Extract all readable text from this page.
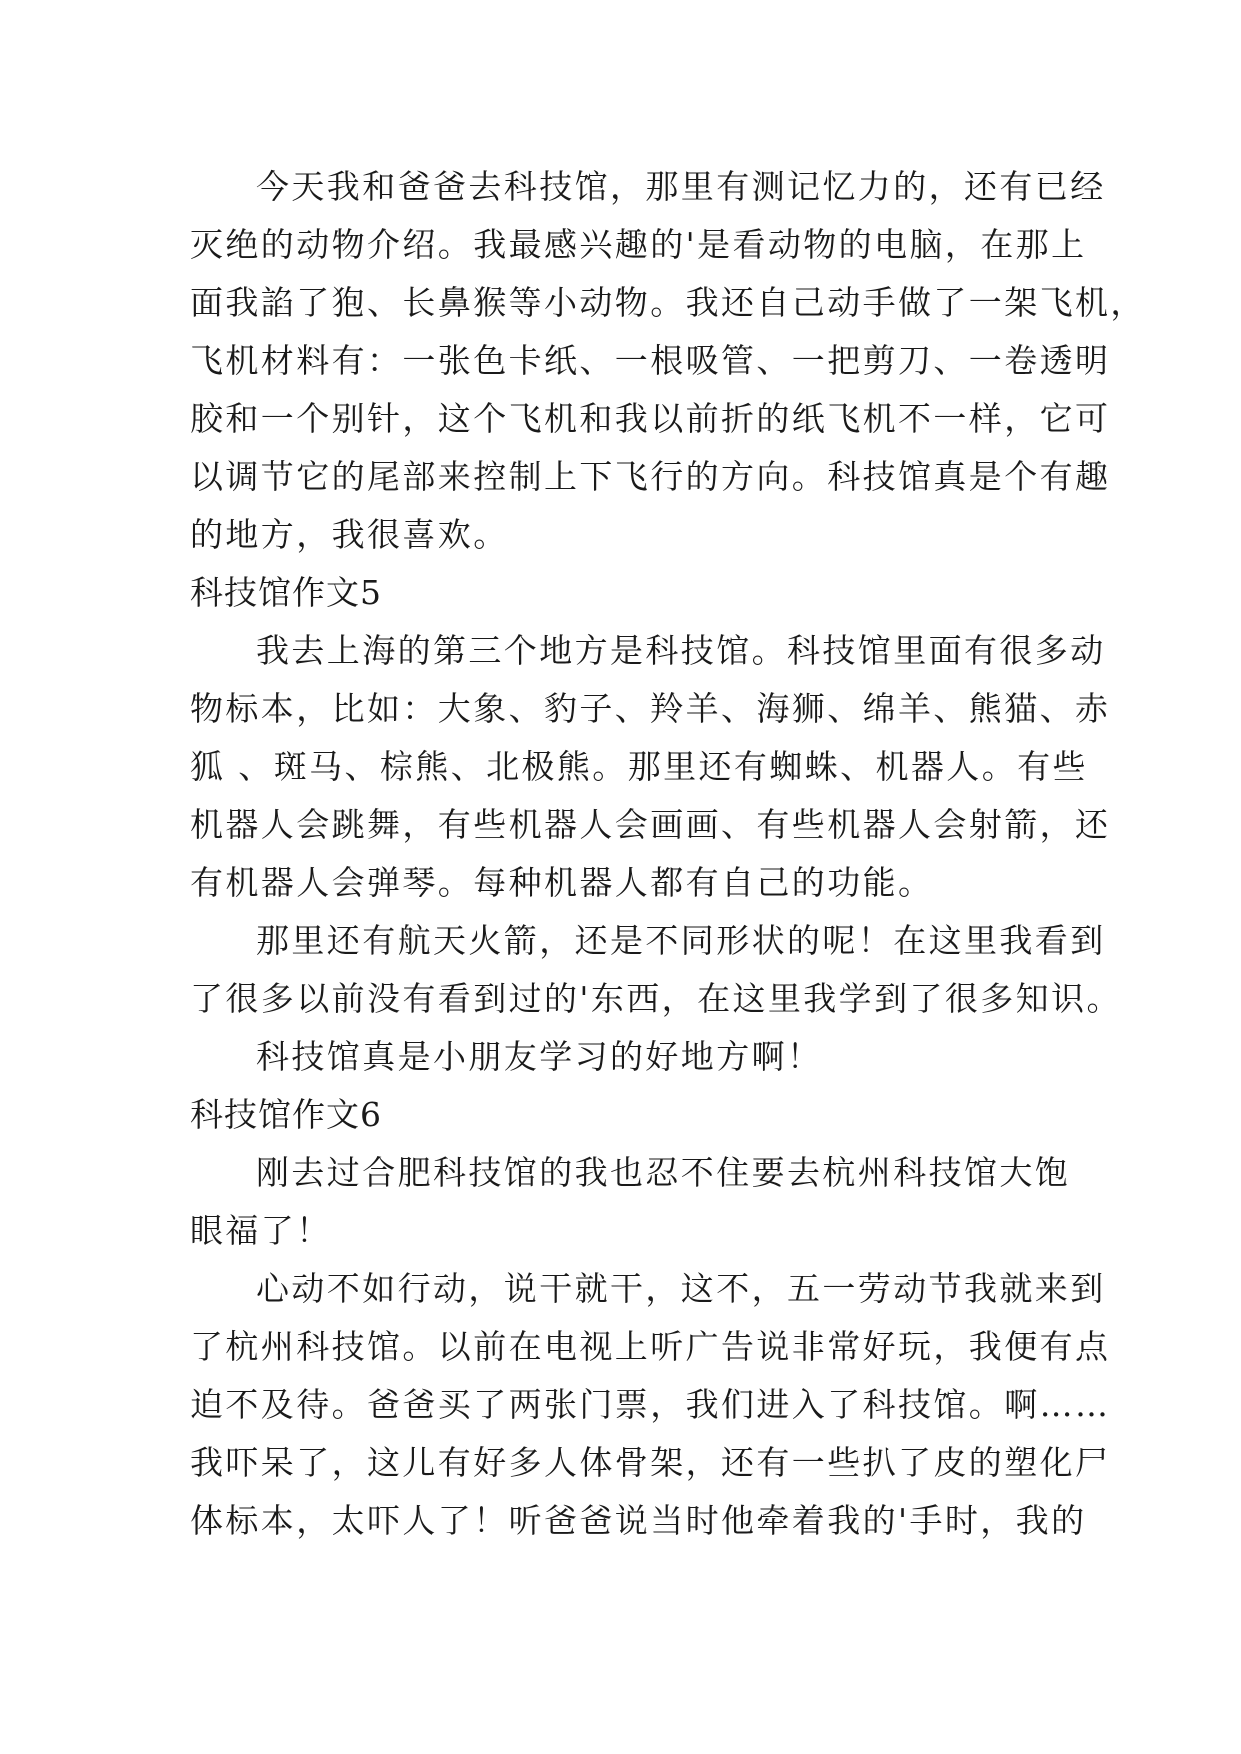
今天我和爸爸去科技馆，那里有测记忆力的，还有已经
灭绝的动物介绍。我最感兴趣的'是看动物的电脑，在那上
面我諂了狍、长鼻猴等小动物。我还自己动手做了一架飞机，
飞机材料有：一张色卡纸、一根吸管、一把剪刀、一卷透明
胶和一个别针，这个飞机和我以前折的纸飞机不一样，它可
以调节它的尾部来控制上下飞行的方向。科技馆真是个有趣
的地方，我很喜欢。
科技馆作文5
我去上海的第三个地方是科技馆。科技馆里面有很多动
物标本，比如：大象、豹子、羚羊、海狮、绵羊、熊猫、赤
狐 、斑马、棕熊、北极熊。那里还有蜘蛛、机器人。有些
机器人会跳舞，有些机器人会画画、有些机器人会射箭，还
有机器人会弹琴。每种机器人都有自己的功能。
那里还有航天火箭，还是不同形状的呢！在这里我看到
了很多以前没有看到过的'东西，在这里我学到了很多知识。
科技馆真是小朋友学习的好地方啊！
科技馆作文6
刚去过合肥科技馆的我也忍不住要去杭州科技馆大饱
眼福了！
心动不如行动，说干就干，这不，五一劳动节我就来到
了杭州科技馆。以前在电视上听广告说非常好玩，我便有点
迫不及待。爸爸买了两张门票，我们进入了科技馆。啊……
我吓呆了，这儿有好多人体骨架，还有一些扒了皮的塑化尸
体标本，太吓人了！听爸爸说当时他牵着我的'手时，我的
